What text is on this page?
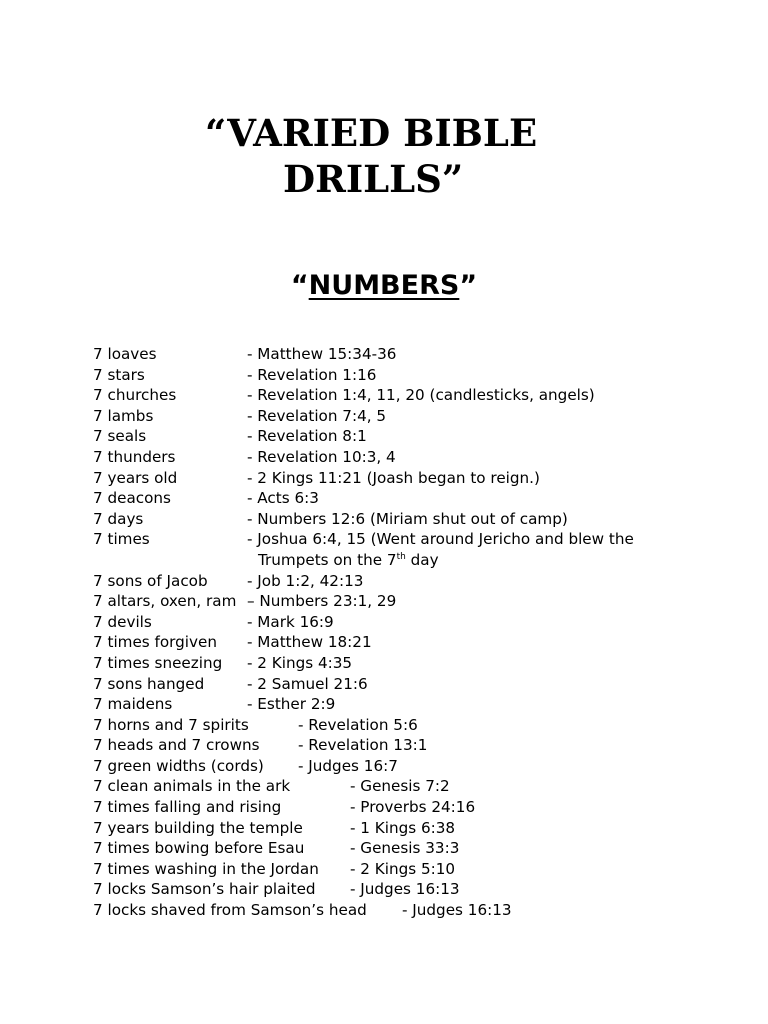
“VARIED BIBLE
DRILLS”
“NUMBERS”
7 loaves	- Matthew 15:34-36
7 stars	- Revelation 1:16
7 churches	- Revelation 1:4, 11, 20 (candlesticks, angels)
7 lambs	- Revelation 7:4, 5
7 seals	- Revelation 8:1
7 thunders	- Revelation 10:3, 4
7 years old	- 2 Kings 11:21 (Joash began to reign.)
7 deacons	- Acts 6:3
7 days	- Numbers 12:6 (Miriam shut out of camp)
7 times	- Joshua 6:4, 15 (Went around Jericho and blew the
Trumpets on the 7th day
7 sons of Jacob	- Job 1:2, 42:13
7 altars, oxen, ram – Numbers 23:1, 29
7 devils	- Mark 16:9
7 times forgiven - Matthew 18:21
7 times sneezing - 2 Kings 4:35
7 sons hanged	- 2 Samuel 21:6
7 maidens	- Esther 2:9
7 horns and 7 spirits	- Revelation 5:6
7 heads and 7 crowns	- Revelation 13:1
7 green widths (cords) - Judges 16:7
7 clean animals in the ark	- Genesis 7:2
7 times falling and rising	- Proverbs 24:16
7 years building the temple	- 1 Kings 6:38
7 times bowing before Esau	- Genesis 33:3
7 times washing in the Jordan - 2 Kings 5:10
7 locks Samson’s hair plaited - Judges 16:13
7 locks shaved from Samson’s head - Judges 16:13
